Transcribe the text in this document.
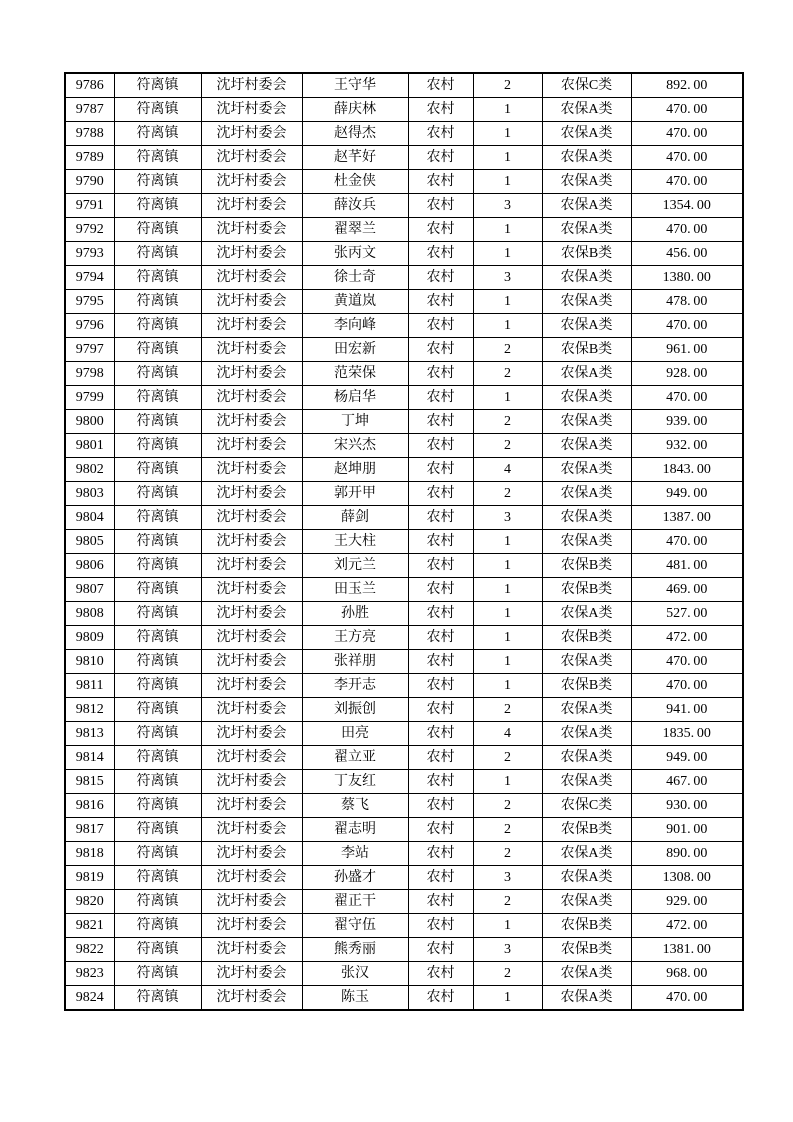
9786	符离镇	沈圩村委会	王守华	农村	2	农保C类	892. 00
9787	符离镇	沈圩村委会	薛庆林	农村	1	农保A类	470. 00
9788	符离镇	沈圩村委会	赵得杰	农村	1	农保A类	470. 00
9789	符离镇	沈圩村委会	赵芊好	农村	1	农保A类	470. 00
9790	符离镇	沈圩村委会	杜金侠	农村	1	农保A类	470. 00
9791	符离镇	沈圩村委会	薛汝兵	农村	3	农保A类	1354. 00
9792	符离镇	沈圩村委会	翟翠兰	农村	1	农保A类	470. 00
9793	符离镇	沈圩村委会	张丙文	农村	1	农保B类	456. 00
9794	符离镇	沈圩村委会	徐士奇	农村	3	农保A类	1380. 00
9795	符离镇	沈圩村委会	黄道岚	农村	1	农保A类	478. 00
9796	符离镇	沈圩村委会	李向峰	农村	1	农保A类	470. 00
9797	符离镇	沈圩村委会	田宏新	农村	2	农保B类	961. 00
9798	符离镇	沈圩村委会	范荣保	农村	2	农保A类	928. 00
9799	符离镇	沈圩村委会	杨启华	农村	1	农保A类	470. 00
9800	符离镇	沈圩村委会	丁坤	农村	2	农保A类	939. 00
9801	符离镇	沈圩村委会	宋兴杰	农村	2	农保A类	932. 00
9802	符离镇	沈圩村委会	赵坤朋	农村	4	农保A类	1843. 00
9803	符离镇	沈圩村委会	郭开甲	农村	2	农保A类	949. 00
9804	符离镇	沈圩村委会	薛剑	农村	3	农保A类	1387. 00
9805	符离镇	沈圩村委会	王大柱	农村	1	农保A类	470. 00
9806	符离镇	沈圩村委会	刘元兰	农村	1	农保B类	481. 00
9807	符离镇	沈圩村委会	田玉兰	农村	1	农保B类	469. 00
9808	符离镇	沈圩村委会	孙胜	农村	1	农保A类	527. 00
9809	符离镇	沈圩村委会	王方亮	农村	1	农保B类	472. 00
9810	符离镇	沈圩村委会	张祥朋	农村	1	农保A类	470. 00
9811	符离镇	沈圩村委会	李开志	农村	1	农保B类	470. 00
9812	符离镇	沈圩村委会	刘振创	农村	2	农保A类	941. 00
9813	符离镇	沈圩村委会	田亮	农村	4	农保A类	1835. 00
9814	符离镇	沈圩村委会	翟立亚	农村	2	农保A类	949. 00
9815	符离镇	沈圩村委会	丁友红	农村	1	农保A类	467. 00
9816	符离镇	沈圩村委会	蔡飞	农村	2	农保C类	930. 00
9817	符离镇	沈圩村委会	翟志明	农村	2	农保B类	901. 00
9818	符离镇	沈圩村委会	李站	农村	2	农保A类	890. 00
9819	符离镇	沈圩村委会	孙盛才	农村	3	农保A类	1308. 00
9820	符离镇	沈圩村委会	翟正干	农村	2	农保A类	929. 00
9821	符离镇	沈圩村委会	翟守伍	农村	1	农保B类	472. 00
9822	符离镇	沈圩村委会	熊秀丽	农村	3	农保B类	1381. 00
9823	符离镇	沈圩村委会	张汉	农村	2	农保A类	968. 00
9824	符离镇	沈圩村委会	陈玉	农村	1	农保A类	470. 00
